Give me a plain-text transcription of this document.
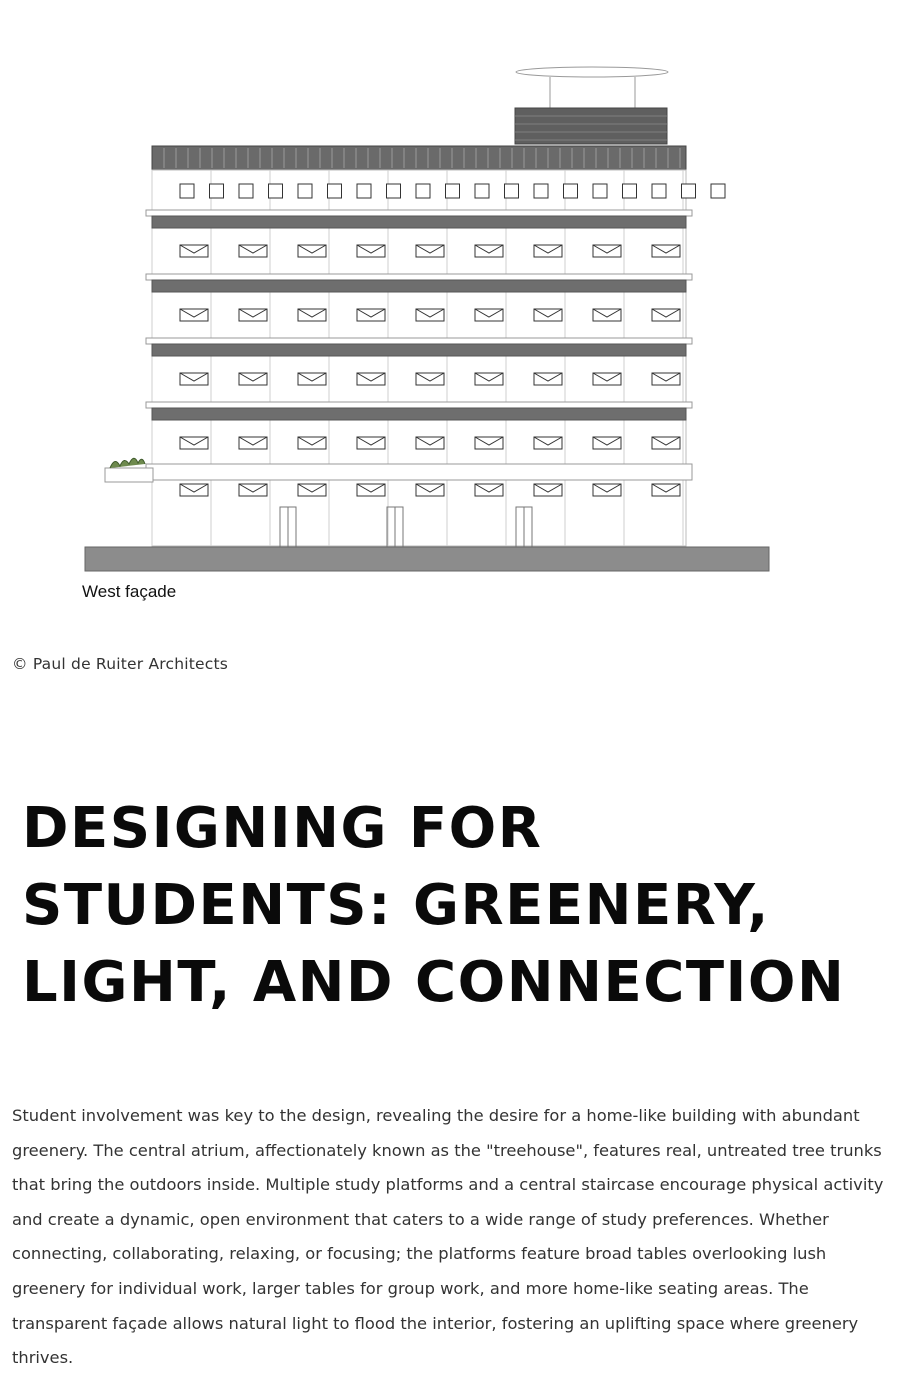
West façade
© Paul de Ruiter Architects
DESIGNING FOR STUDENTS: GREENERY, LIGHT, AND CONNECTION

Student involvement was key to the design, revealing the desire for a home-like building with abundant greenery. The central atrium, affectionately known as the "treehouse", features real, untreated tree trunks that bring the outdoors inside. Multiple study platforms and a central staircase encourage physical activity and create a dynamic, open environment that caters to a wide range of study preferences. Whether connecting, collaborating, relaxing, or focusing; the platforms feature broad tables overlooking lush greenery for individual work, larger tables for group work, and more home-like seating areas. The transparent façade allows natural light to flood the interior, fostering an uplifting space where greenery thrives.
